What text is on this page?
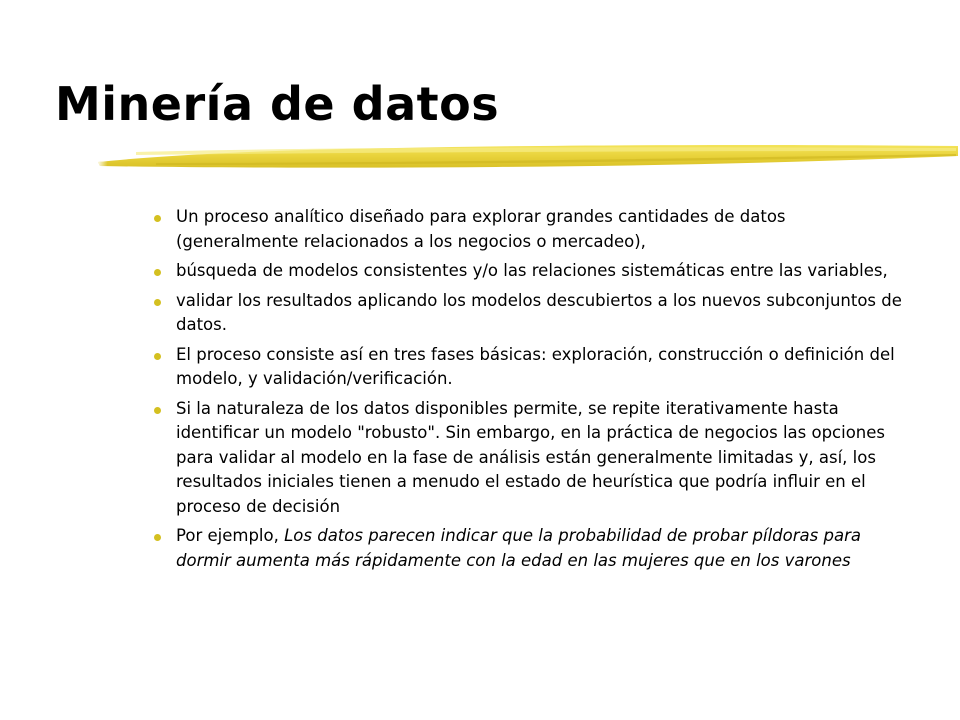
Minería de datos
Un proceso analítico diseñado para explorar grandes cantidades de datos (generalmente relacionados a los negocios o mercadeo),
búsqueda de modelos consistentes y/o las relaciones sistemáticas entre las variables,
validar los resultados aplicando los modelos descubiertos a los nuevos subconjuntos de datos.
El proceso consiste así en tres fases básicas: exploración, construcción o definición del modelo, y validación/verificación.
Si la naturaleza de los datos disponibles permite, se repite iterativamente hasta identificar un modelo "robusto". Sin embargo, en la práctica de negocios las opciones para validar al modelo en la fase de análisis están generalmente limitadas y, así, los resultados iniciales tienen a menudo el estado de heurística que podría influir en el proceso de decisión
Por ejemplo, Los datos parecen indicar que la probabilidad de probar píldoras para dormir aumenta más rápidamente con la edad en las mujeres que en los varones
